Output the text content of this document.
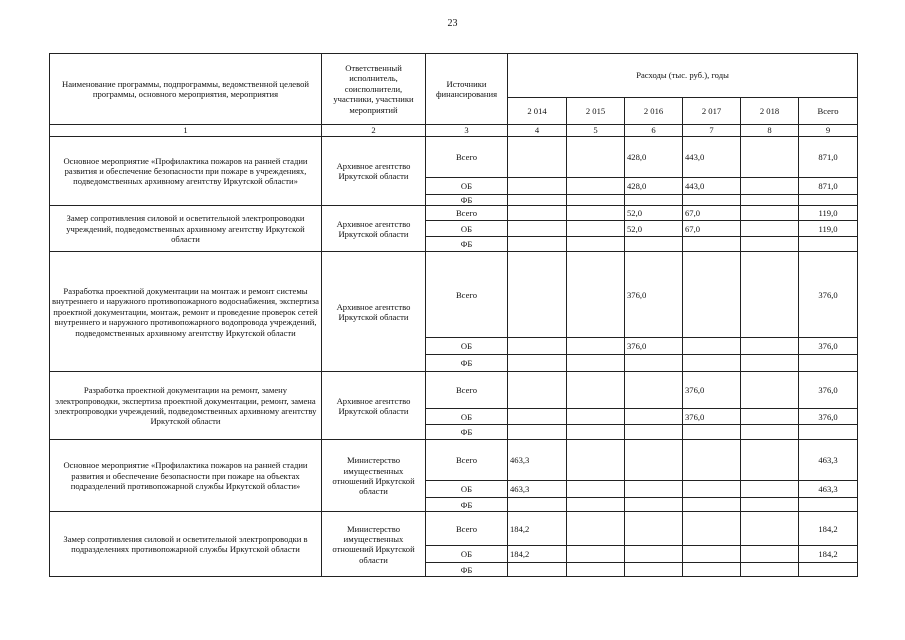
23
Наименование программы, подпрограммы, ведомственной целевой программы, основного мероприятия, мероприятия	Ответственный исполнитель, соисполнители, участники, участники мероприятий	Источники финансирования	Расходы (тыс. руб.), годы					
			2 014	2 015	2 016	2 017	2 018	Всего
1	2	3	4	5	6	7	8	9
Основное мероприятие «Профилактика пожаров на ранней стадии развития и обеспечение безопасности при пожаре в учреждениях, подведомственных архивному агентству Иркутской области»	Архивное агентство Иркутской области	Всего			428,0	443,0		871,0
		ОБ			428,0	443,0		871,0
		ФБ						
Замер сопротивления силовой и осветительной электропроводки учреждений, подведомственных архивному агентству Иркутской области	Архивное агентство Иркутской области	Всего			52,0	67,0		119,0
		ОБ			52,0	67,0		119,0
		ФБ						
Разработка проектной документации на монтаж и ремонт системы внутреннего и наружного противопожарного водоснабжения, экспертиза проектной документации, монтаж, ремонт и проведение проверок сетей внутреннего и наружного противопожарного водопровода учреждений, подведомственных архивному агентству Иркутской области	Архивное агентство Иркутской области	Всего			376,0			376,0
		ОБ			376,0			376,0
		ФБ						
Разработка проектной документации на ремонт, замену электропроводки, экспертиза проектной документации, ремонт, замена электропроводки учреждений, подведомственных архивному агентству Иркутской области	Архивное агентство Иркутской области	Всего				376,0		376,0
		ОБ				376,0		376,0
		ФБ						
Основное мероприятие «Профилактика пожаров на ранней стадии развития и обеспечение безопасности при пожаре на объектах подразделений противопожарной службы Иркутской области»	Министерство имущественных отношений Иркутской области	Всего	463,3					463,3
		ОБ	463,3					463,3
		ФБ						
Замер сопротивления силовой и осветительной электропроводки в подразделениях противопожарной службы Иркутской области	Министерство имущественных отношений Иркутской области	Всего	184,2					184,2
		ОБ	184,2					184,2
		ФБ						
